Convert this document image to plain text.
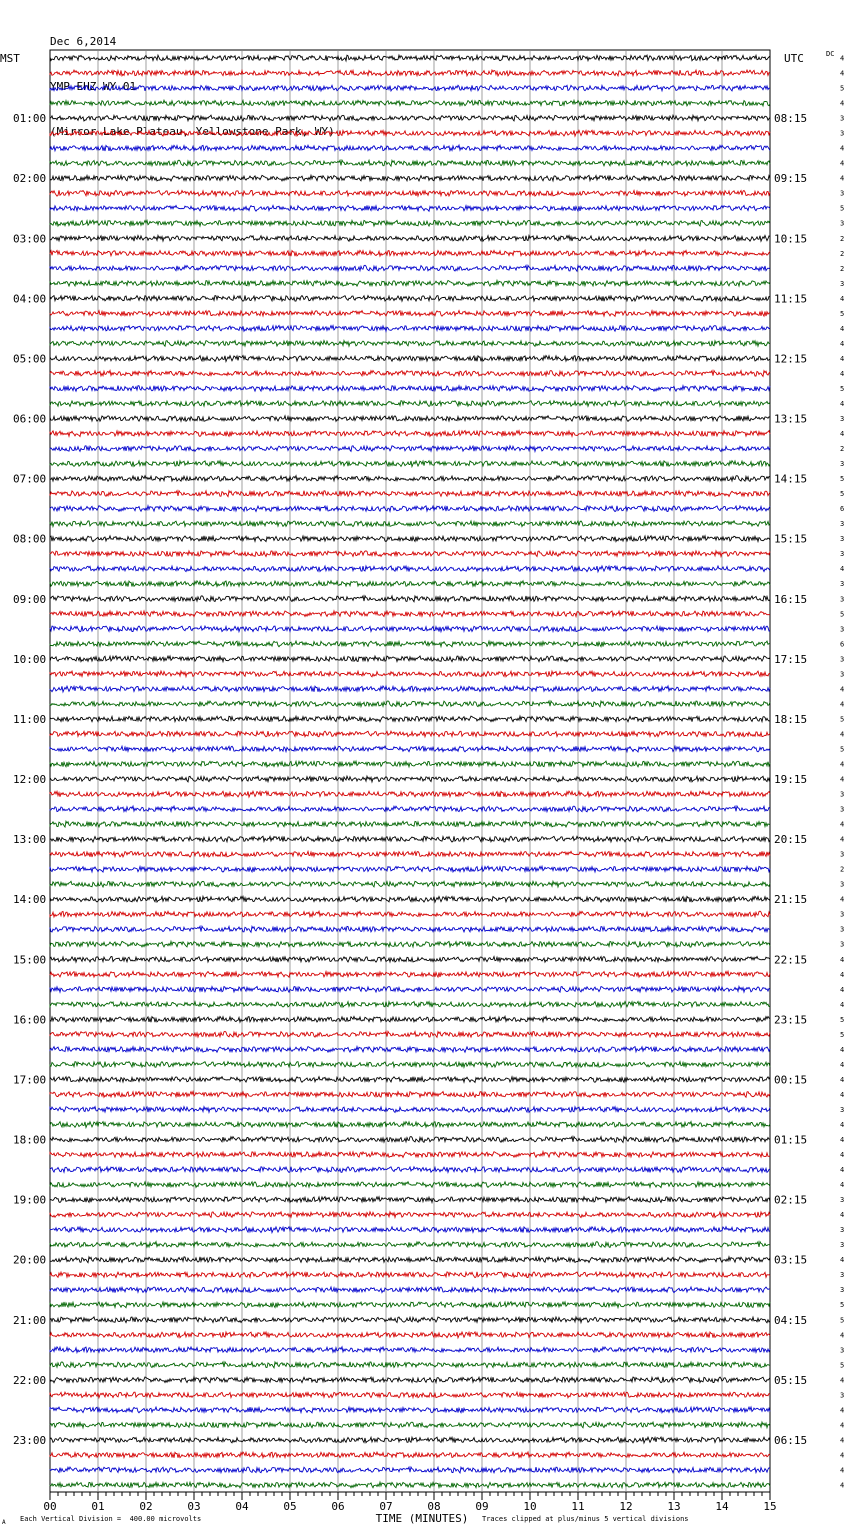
Dec 6,2014

YMP EHZ WY 01

(Mirror Lake Plateau, Yellowstone Park, WY)

4
4
5
4
3
3
4
4
4
3
5
3
2
2
2
3
4
5
4
4
4
4
5
4
3
4
2
3
5
5
6
3
3
3
4
3
3
5
3
6
3
3
4
4
5
4
5
4
4
3
3
4
4
3
2
3
4
3
3
3
4
4
4
4
5
5
4
4
4
4
3
4
4
4
4
4
3
4
3
3
4
3
3
5
5
4
3
5
4
3
4
4
4
4
4
4
01:00
02:00
03:00
04:00
05:00
06:00
07:00
08:00
09:00
10:00
11:00
12:00
13:00
14:00
15:00
16:00
17:00
18:00
19:00
20:00
21:00
22:00
23:00
08:15
09:15
10:15
11:15
12:15
13:15
14:15
15:15
16:15
17:15
18:15
19:15
20:15
21:15
22:15
23:15
00:15
01:15
02:15
03:15
04:15
05:15
06:15
MST	UTC	DC
00	01	02	03	04	05	06	07	08	09	10	11	12	13	14	15
TIME (MINUTES)
A Each Vertical Division =  400.00 microvolts	Traces clipped at plus/minus 5 vertical divisions
